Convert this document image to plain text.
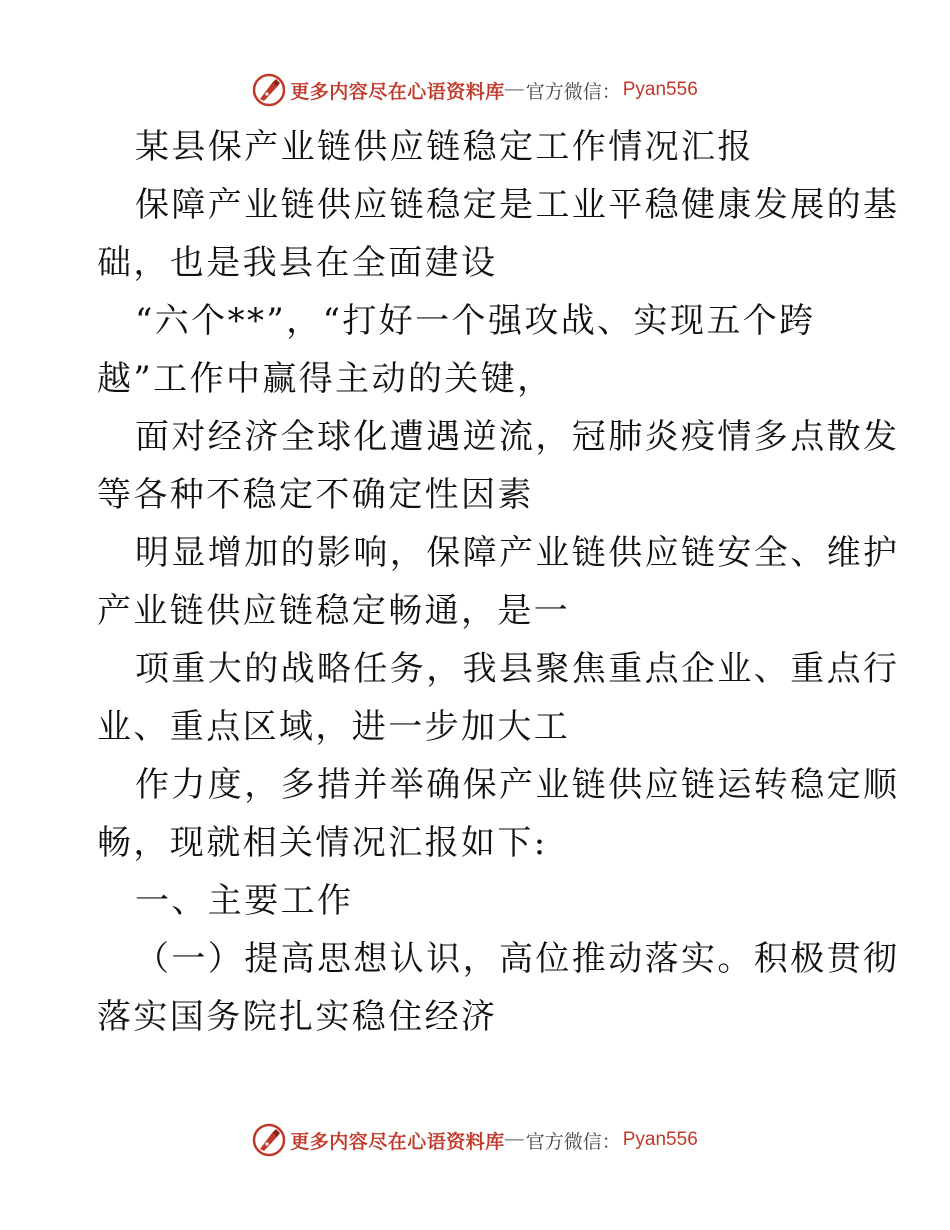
更多内容尽在心语资料库 — 官方微信： Pyan556
某县保产业链供应链稳定工作情况汇报
保障产业链供应链稳定是工业平稳健康发展的基
础，也是我县在全面建设
“六个**”，“打好一个强攻战、实现五个跨
越”工作中赢得主动的关键，
面对经济全球化遭遇逆流，冠肺炎疫情多点散发
等各种不稳定不确定性因素
明显增加的影响，保障产业链供应链安全、维护
产业链供应链稳定畅通，是一
项重大的战略任务，我县聚焦重点企业、重点行
业、重点区域，进一步加大工
作力度，多措并举确保产业链供应链运转稳定顺
畅，现就相关情况汇报如下:
一、主要工作
（一）提高思想认识，高位推动落实。积极贯彻
落实国务院扎实稳住经济
更多内容尽在心语资料库 — 官方微信： Pyan556
